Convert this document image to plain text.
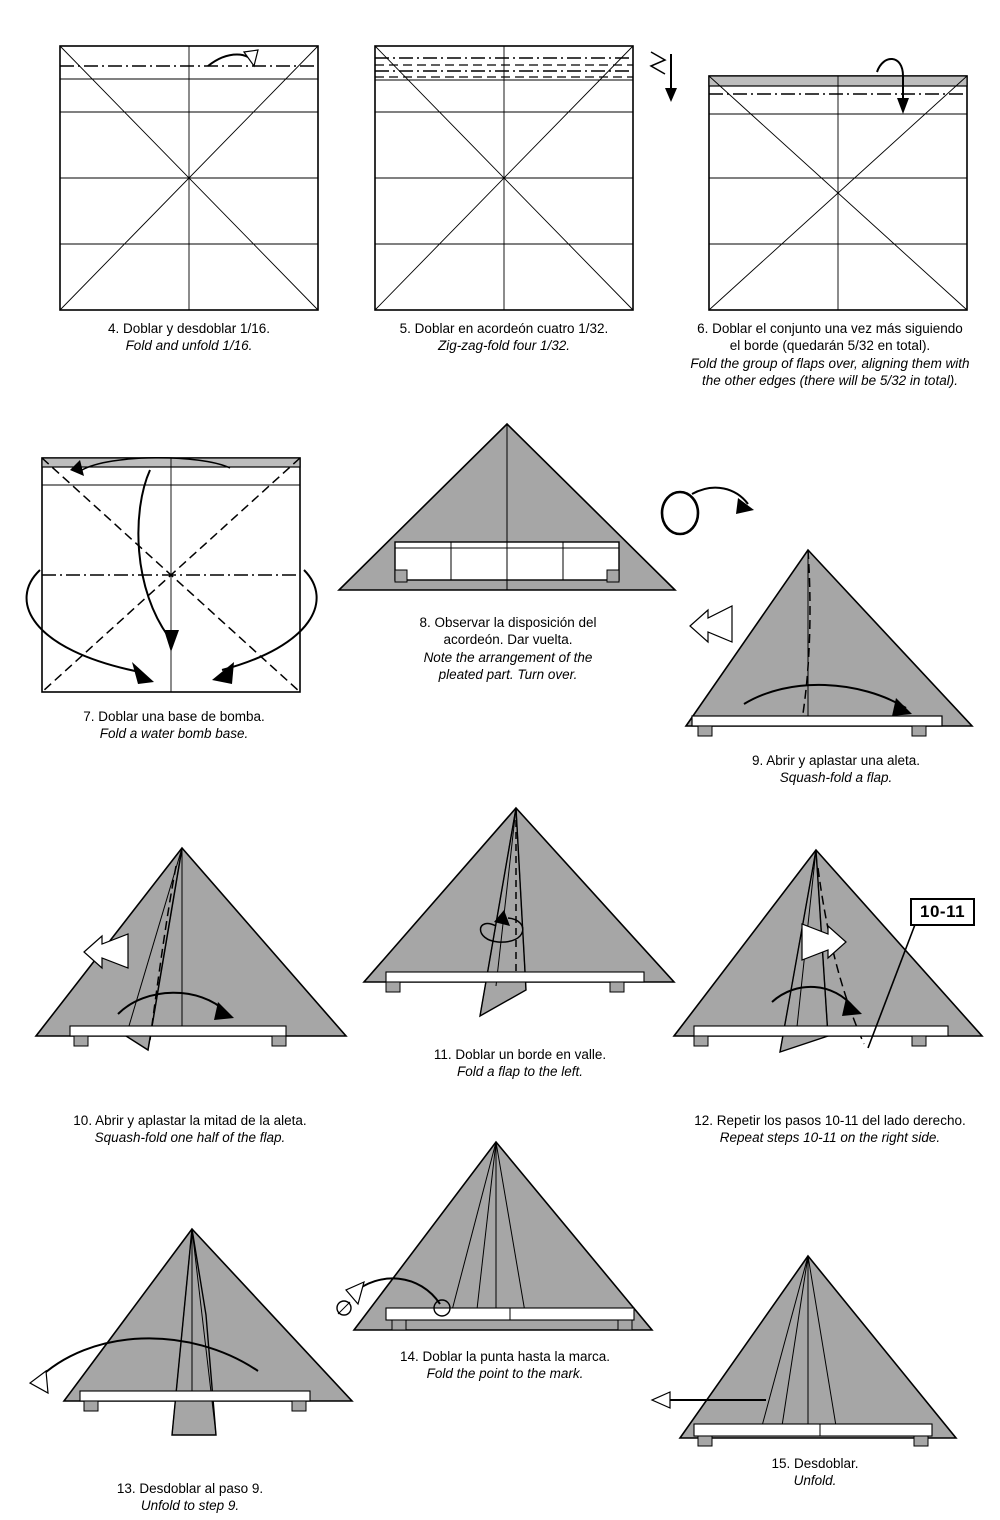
4. Doblar y desdoblar 1/16.
Fold and unfold 1/16.
5. Doblar en acordeón cuatro 1/32.
Zig-zag-fold four 1/32.
6. Doblar el conjunto una vez más siguiendo
el borde (quedarán 5/32 en total).
Fold the group of flaps over, aligning them with
the other edges (there will be 5/32 in total).
7. Doblar una base de bomba.
Fold a water bomb base.
8. Observar la disposición del
acordeón. Dar vuelta.
Note the arrangement of the
pleated part. Turn over.
9. Abrir y aplastar una aleta.
Squash-fold a flap.
10. Abrir y aplastar la mitad de la aleta.
Squash-fold one half of the flap.
11. Doblar un borde en valle.
Fold a flap to the left.
10-11
12. Repetir los pasos 10-11 del lado derecho.
Repeat steps 10-11 on the right side.
13. Desdoblar al paso 9.
Unfold to step 9.
14. Doblar la punta hasta la marca.
Fold the point to the mark.
15. Desdoblar.
Unfold.
